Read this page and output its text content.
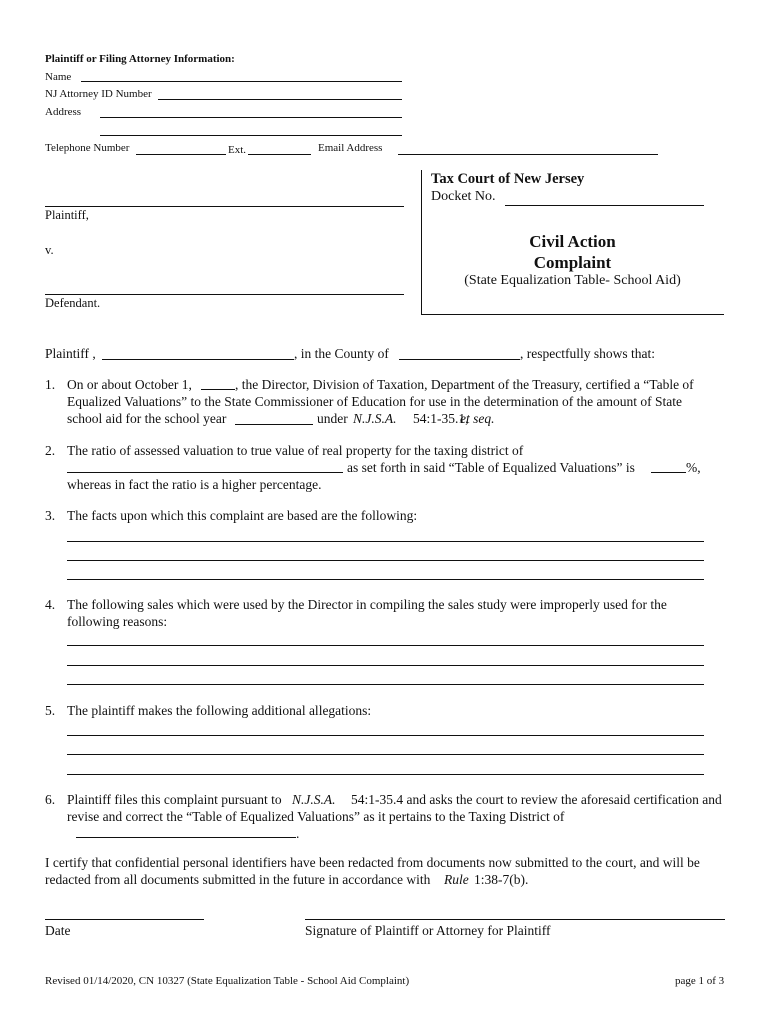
Plaintiff or Filing Attorney Information:
Name
NJ Attorney ID Number
Address
Telephone Number	Ext.	Email Address
Plaintiff,
v.
Defendant.
Tax Court of New Jersey
Docket No.
Civil Action
Complaint
(State Equalization Table- School Aid)
Plaintiff ,	, in the County of	, respectfully shows that:
1. On or about October 1,	, the Director, Division of Taxation, Department of the Treasury, certified a “Table of
Equalized Valuations” to the State Commissioner of Education for use in the determination of the amount of State
school aid for the school year	under N.J.S.A. 54:1-35.1,
et seq.
2. The ratio of assessed valuation to true value of real property for the taxing district of
as set forth in said “Table of Equalized Valuations” is	%,
whereas in fact the ratio is a higher percentage.
3. The facts upon which this complaint are based are the following:
4. The following sales which were used by the Director in compiling the sales study were improperly used for the
following reasons:
5. The plaintiff makes the following additional allegations:
6. Plaintiff files this complaint pursuant to N.J.S.A. 54:1-35.4 and asks the court to review the aforesaid certification and
revise and correct the “Table of Equalized Valuations” as it pertains to the Taxing District of
.
I certify that confidential personal identifiers have been redacted from documents now submitted to the court, and will be
redacted from all documents submitted in the future in accordance with Rule 1:38-7(b).
Date	Signature of Plaintiff or Attorney for Plaintiff
Revised 01/14/2020, CN 10327 (State Equalization Table - School Aid Complaint)	page 1 of 3
